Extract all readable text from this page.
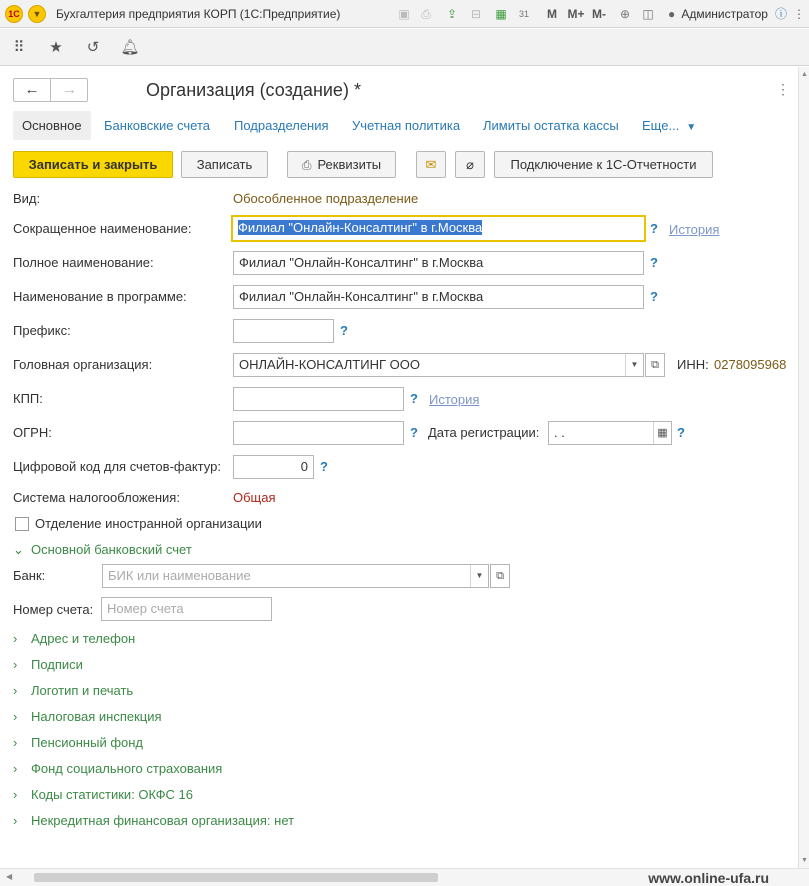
1С	▼	Бухгалтерия предприятия КОРП (1С:Предприятие)	▣ ⎙	⇪	⊟	▦	31	M M+ M-	⊕	◫ ● Администратор ⓘ ⋮
⠿	★ ↺ 🔔︎
←	→	Организация (создание) *	⋮
Основное	Банковские счета	Подразделения	Учетная политика	Лимиты остатка кассы	Еще... ▼
Записать и закрыть	Записать	⎙ Реквизиты	✉	⌀	Подключение к 1С-Отчетности
Вид:	Обособленное подразделение
Сокращенное наименование:	Филиал "Онлайн-Консалтинг" в г.Москва	? История
Полное наименование:	Филиал "Онлайн-Консалтинг" в г.Москва	?
Наименование в программе:	Филиал "Онлайн-Консалтинг" в г.Москва	?
Префикс:	?
Головная организация:	ОНЛАЙН-КОНСАЛТИНГ ООО	▼	⧉	ИНН: 0278095968
КПП:	? История
ОГРН:	? Дата регистрации:	. .	▦ ?
Цифровой код для счетов-фактур:	0 ?
Система налогообложения:	Общая
Отделение иностранной организации
⌄ Основной банковский счет
Банк:	БИК или наименование	▼	⧉
Номер счета:	Номер счета
› Адрес и телефон
› Подписи
› Логотип и печать
› Налоговая инспекция
› Пенсионный фонд
› Фонд социального страхования
› Коды статистики: ОКФС 16
› Некредитная финансовая организация: нет
▲
▼
◀	www.online-ufa.ru
